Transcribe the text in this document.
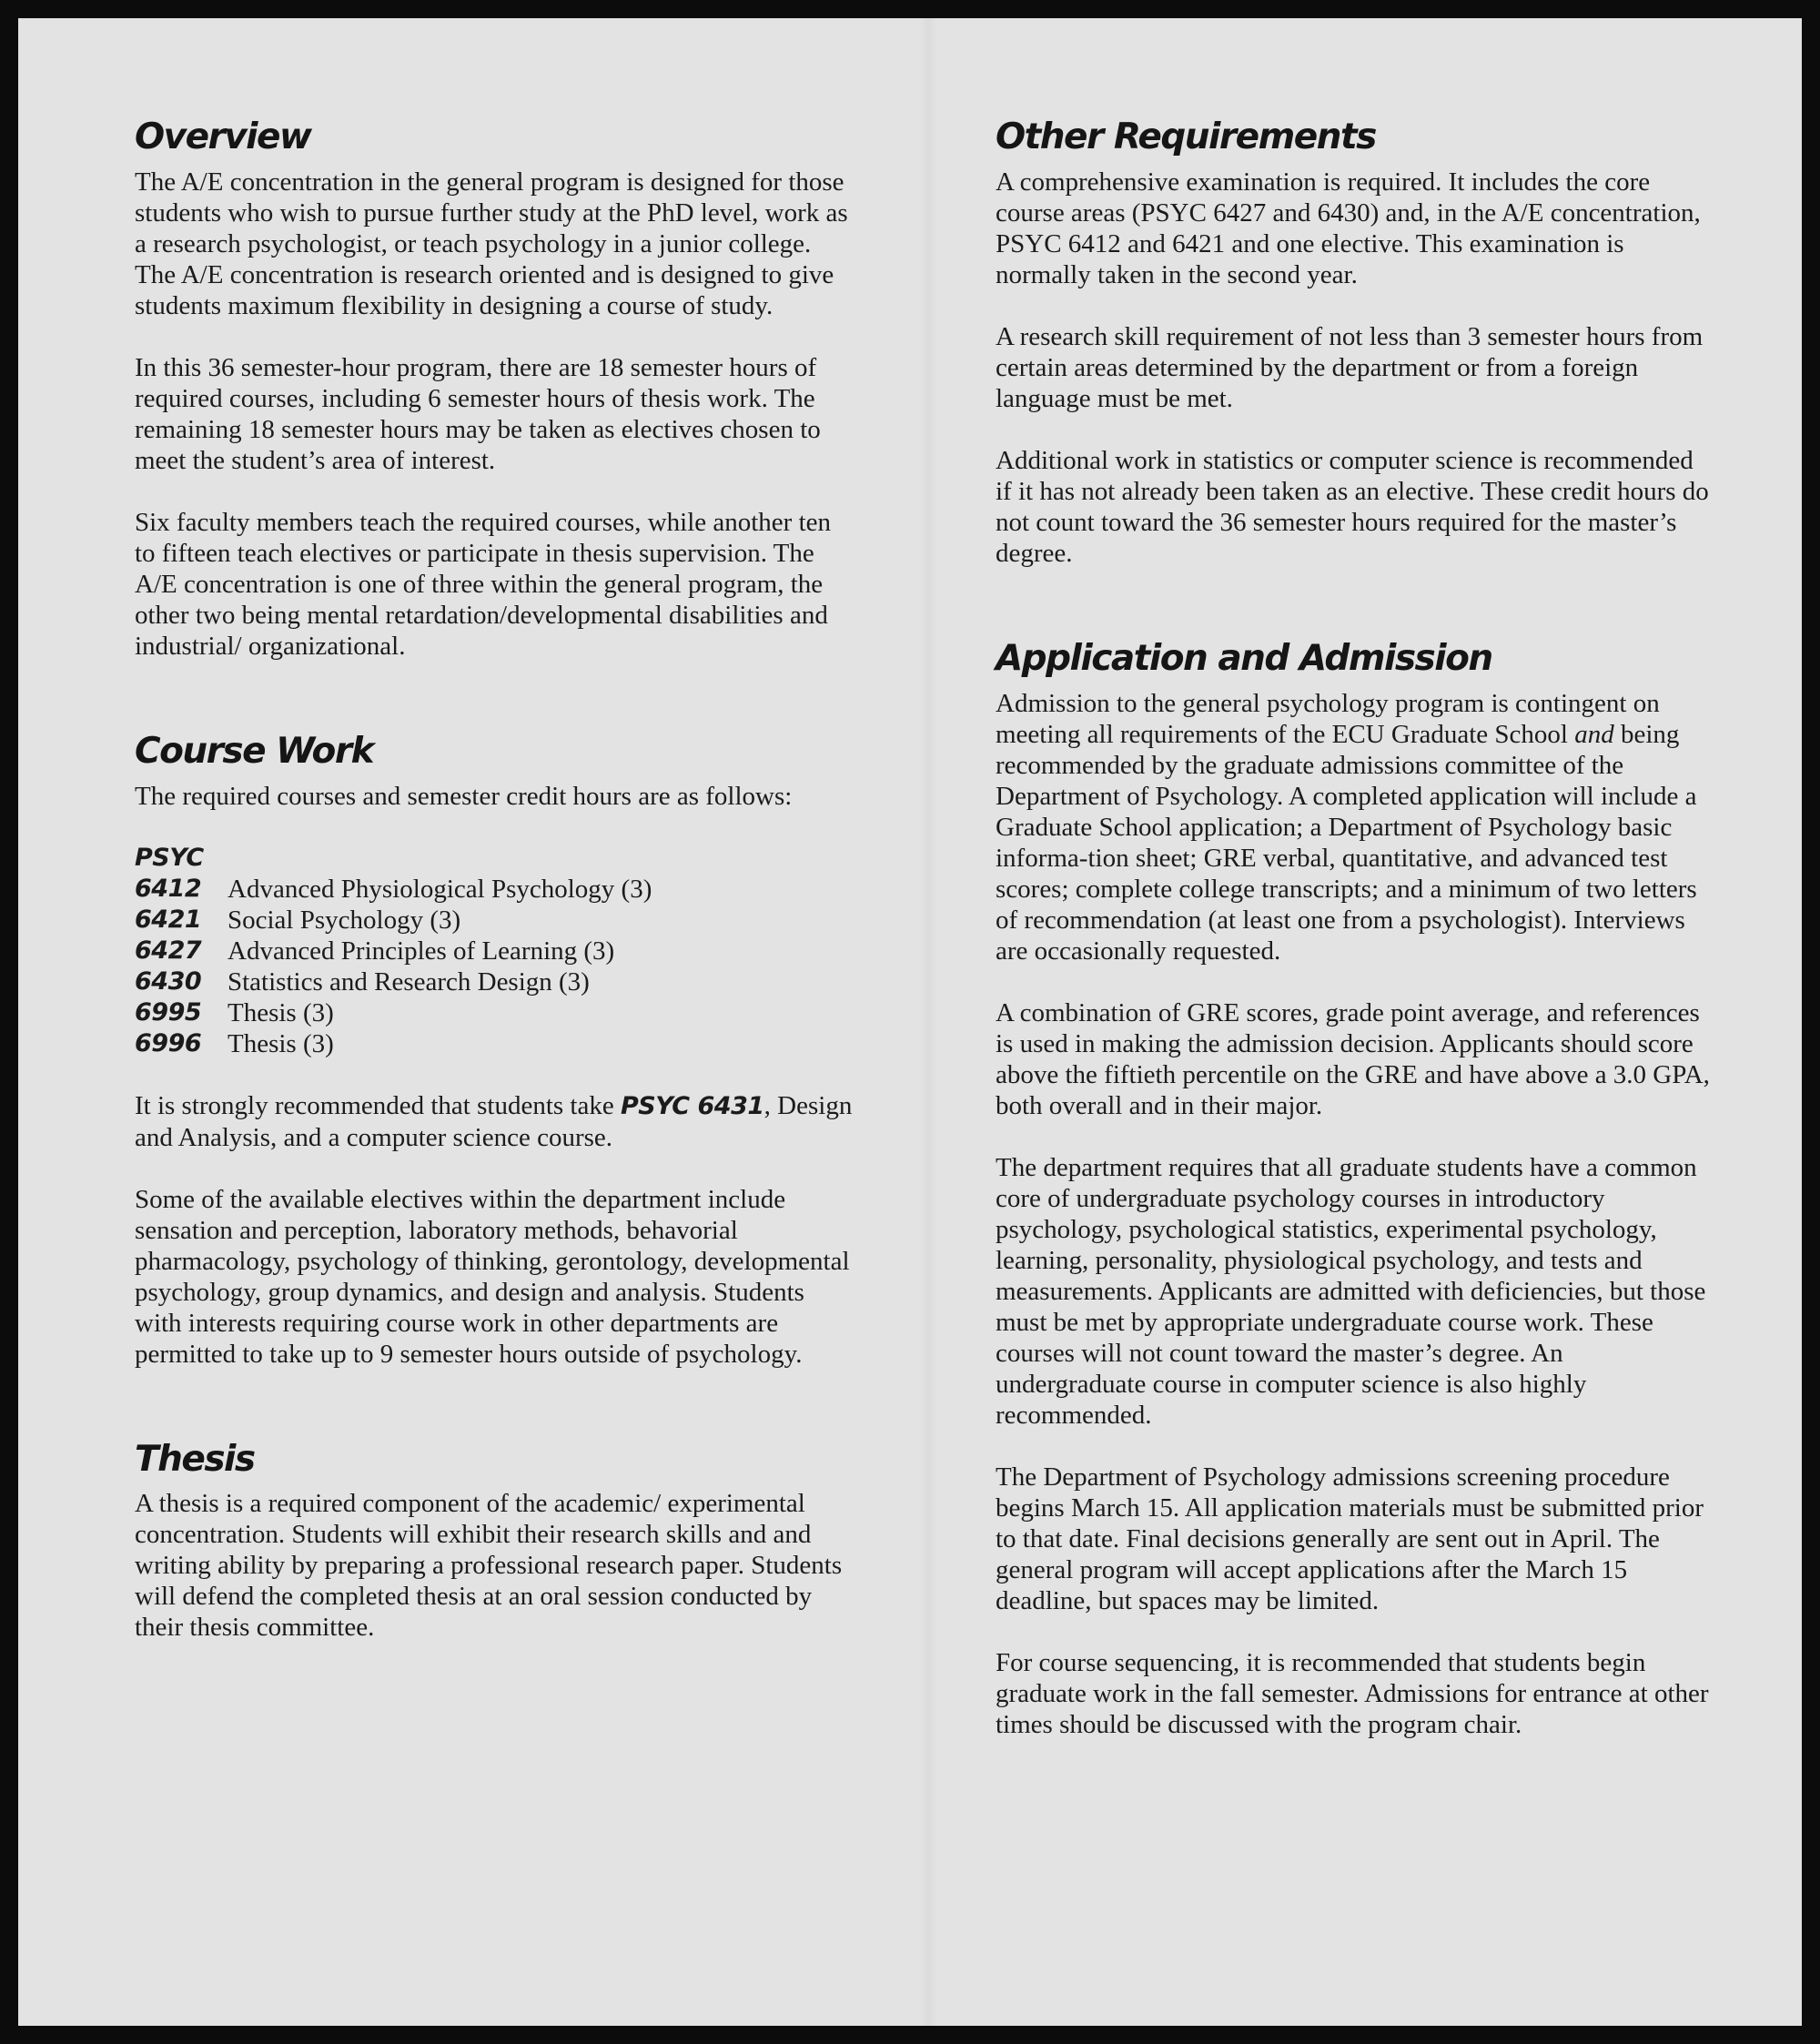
Overview

The A/E concentration in the general program is designed for those students who wish to pursue further study at the PhD level, work as a research psychologist, or teach psychology in a junior college. The A/E concentration is research oriented and is designed to give students maximum flexibility in designing a course of study.

In this 36 semester-hour program, there are 18 semester hours of required courses, including 6 semester hours of thesis work. The remaining 18 semester hours may be taken as electives chosen to meet the student’s area of interest.

Six faculty members teach the required courses, while another ten to fifteen teach electives or participate in thesis supervision. The A/E concentration is one of three within the general program, the other two being mental retardation/developmental disabilities and industrial/ organizational.

Course Work

The required courses and semester credit hours are as follows:

PSYC
6412 Advanced Physiological Psychology (3)
6421 Social Psychology (3)
6427 Advanced Principles of Learning (3)
6430 Statistics and Research Design (3)
6995 Thesis (3)
6996 Thesis (3)

It is strongly recommended that students take PSYC 6431, Design and Analysis, and a computer science course.

Some of the available electives within the department include sensation and perception, laboratory methods, behavorial pharmacology, psychology of thinking, gerontology, developmental psychology, group dynamics, and design and analysis. Students with interests requiring course work in other departments are permitted to take up to 9 semester hours outside of psychology.

Thesis

A thesis is a required component of the academic/ experimental concentration. Students will exhibit their research skills and and writing ability by preparing a professional research paper. Students will defend the completed thesis at an oral session conducted by their thesis committee.

Other Requirements

A comprehensive examination is required. It includes the core course areas (PSYC 6427 and 6430) and, in the A/E concentration, PSYC 6412 and 6421 and one elective. This examination is normally taken in the second year.

A research skill requirement of not less than 3 semester hours from certain areas determined by the department or from a foreign language must be met.

Additional work in statistics or computer science is recommended if it has not already been taken as an elective. These credit hours do not count toward the 36 semester hours required for the master’s degree.

Application and Admission

Admission to the general psychology program is contingent on meeting all requirements of the ECU Graduate School and being recommended by the graduate admissions committee of the Department of Psychology. A completed application will include a Graduate School application; a Department of Psychology basic informa-tion sheet; GRE verbal, quantitative, and advanced test scores; complete college transcripts; and a minimum of two letters of recommendation (at least one from a psychologist). Interviews are occasionally requested.

A combination of GRE scores, grade point average, and references is used in making the admission decision. Applicants should score above the fiftieth percentile on the GRE and have above a 3.0 GPA, both overall and in their major.

The department requires that all graduate students have a common core of undergraduate psychology courses in introductory psychology, psychological statistics, experimental psychology, learning, personality, physiological psychology, and tests and measurements. Applicants are admitted with deficiencies, but those must be met by appropriate undergraduate course work. These courses will not count toward the master’s degree. An undergraduate course in computer science is also highly recommended.

The Department of Psychology admissions screening procedure begins March 15. All application materials must be submitted prior to that date. Final decisions generally are sent out in April. The general program will accept applications after the March 15 deadline, but spaces may be limited.

For course sequencing, it is recommended that students begin graduate work in the fall semester. Admissions for entrance at other times should be discussed with the program chair.
